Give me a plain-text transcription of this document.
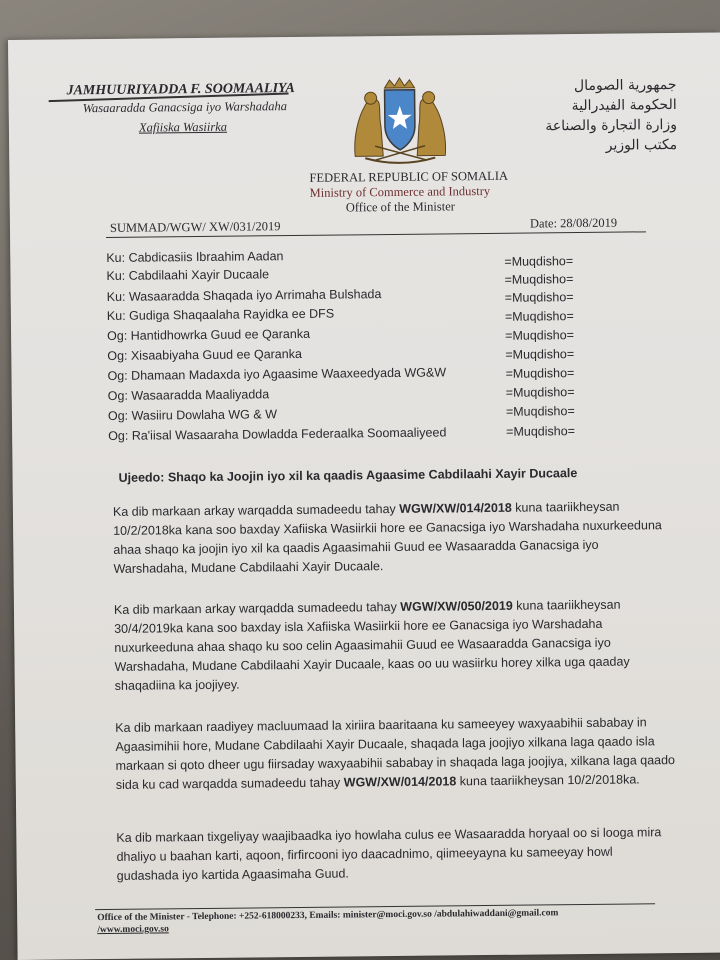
JAMHUURIYADDA F. SOOMAALIYA
Wasaaradda Ganacsiga iyo Warshadaha
Xafiiska Wasiirka
FEDERAL REPUBLIC OF SOMALIA
Ministry of Commerce and Industry
Office of the Minister
جمهورية الصومال
الحكومة الفيدرالية
وزارة التجارة والصناعة
مكتب الوزير
SUMMAD/WGW/ XW/031/2019	Date: 28/08/2019
Ku: Cabdicasiis Ibraahim Aadan	=Muqdisho=
Ku: Cabdilaahi Xayir Ducaale	=Muqdisho=
Ku: Wasaaradda Shaqada iyo Arrimaha Bulshada	=Muqdisho=
Ku: Gudiga Shaqaalaha Rayidka ee DFS	=Muqdisho=
Og: Hantidhowrka Guud ee Qaranka	=Muqdisho=
Og: Xisaabiyaha Guud ee Qaranka	=Muqdisho=
Og: Dhamaan Madaxda iyo Agaasime Waaxeedyada WG&W	=Muqdisho=
Og: Wasaaradda Maaliyadda	=Muqdisho=
Og: Wasiiru Dowlaha WG & W	=Muqdisho=
Og: Ra'iisal Wasaaraha Dowladda Federaalka Soomaaliyeed	=Muqdisho=
Ujeedo: Shaqo ka Joojin iyo xil ka qaadis Agaasime Cabdilaahi Xayir Ducaale
Ka dib markaan arkay warqadda sumadeedu tahay WGW/XW/014/2018 kuna taariikheysan 10/2/2018ka kana soo baxday Xafiiska Wasiirkii hore ee Ganacsiga iyo Warshadaha nuxurkeeduna ahaa shaqo ka joojin iyo xil ka qaadis Agaasimahii Guud ee Wasaaradda Ganacsiga iyo Warshadaha, Mudane Cabdilaahi Xayir Ducaale.
Ka dib markaan arkay warqadda sumadeedu tahay WGW/XW/050/2019 kuna taariikheysan 30/4/2019ka kana soo baxday isla Xafiiska Wasiirkii hore ee Ganacsiga iyo Warshadaha nuxurkeeduna ahaa shaqo ku soo celin Agaasimahii Guud ee Wasaaradda Ganacsiga iyo Warshadaha, Mudane Cabdilaahi Xayir Ducaale, kaas oo uu wasiirku horey xilka uga qaaday shaqadiina ka joojiyey.
Ka dib markaan raadiyey macluumaad la xiriira baaritaana ku sameeyey waxyaabihii sababay in Agaasimihii hore, Mudane Cabdilaahi Xayir Ducaale, shaqada laga joojiyo xilkana laga qaado isla markaan si qoto dheer ugu fiirsaday waxyaabihii sababay in shaqada laga joojiya, xilkana laga qaado sida ku cad warqadda sumadeedu tahay WGW/XW/014/2018 kuna taariikheysan 10/2/2018ka.
Ka dib markaan tixgeliyay waajibaadka iyo howlaha culus ee Wasaaradda horyaal oo si looga mira dhaliyo u baahan karti, aqoon, firfircooni iyo daacadnimo, qiimeeyayna ku sameeyay howl gudashada iyo kartida Agaasimaha Guud.
Office of the Minister - Telephone: +252-618000233, Emails: minister@moci.gov.so /abdulahiwaddani@gmail.com
/www.moci.gov.so
